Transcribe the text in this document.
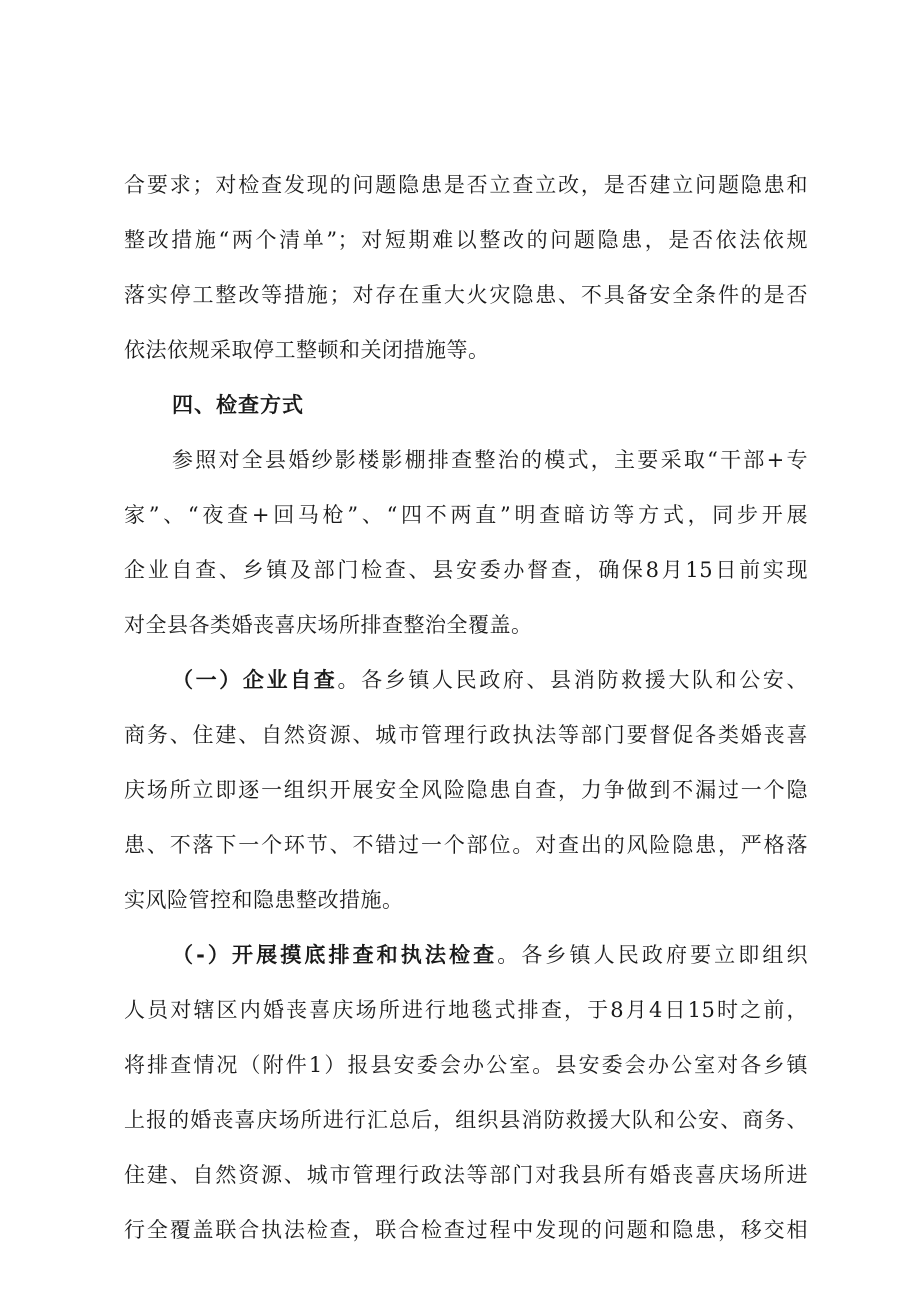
合要求；对检查发现的问题隐患是否立查立改，是否建立问题隐患和
整改措施“两个清单”；对短期难以整改的问题隐患，是否依法依规
落实停工整改等措施；对存在重大火灾隐患、不具备安全条件的是否
依法依规采取停工整顿和关闭措施等。
四、检查方式
参照对全县婚纱影楼影棚排查整治的模式，主要采取“干部+专
家”、“夜查+回马枪”、“四不两直”明查暗访等方式，同步开展
企业自查、乡镇及部门检查、县安委办督查，确保8月15日前实现
对全县各类婚丧喜庆场所排查整治全覆盖。
（一）企业自查。各乡镇人民政府、县消防救援大队和公安、
商务、住建、自然资源、城市管理行政执法等部门要督促各类婚丧喜
庆场所立即逐一组织开展安全风险隐患自查，力争做到不漏过一个隐
患、不落下一个环节、不错过一个部位。对查出的风险隐患，严格落
实风险管控和隐患整改措施。
（-）开展摸底排查和执法检查。各乡镇人民政府要立即组织
人员对辖区内婚丧喜庆场所进行地毯式排查，于8月4日15时之前，
将排查情况（附件1）报县安委会办公室。县安委会办公室对各乡镇
上报的婚丧喜庆场所进行汇总后，组织县消防救援大队和公安、商务、
住建、自然资源、城市管理行政法等部门对我县所有婚丧喜庆场所进
行全覆盖联合执法检查，联合检查过程中发现的问题和隐患，移交相
